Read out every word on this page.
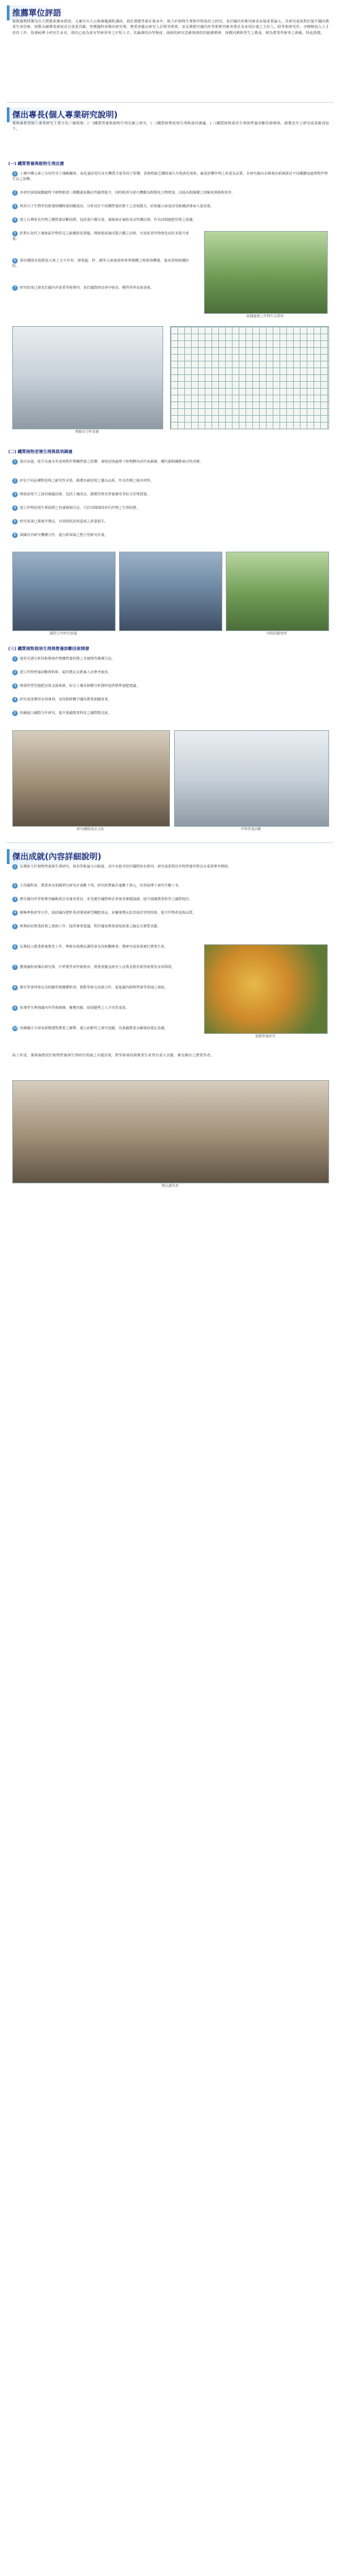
推薦單位評語
我與森教授係為台大農藝系傳承教授，又兼任台大公衛專題課程講座。我於農藝學系任教多年，致力於植物生理與作物栽培之研究，並於國內外期刊發表多篇重要論文。其研究成果對於提升國內農業生產技術、推動永續農業發展具有重要貢獻。曾獲國科會傑出研究獎、農委會優良研究人員獎等殊榮，並長期擔任國內外學術期刊審查委員及多項計畫之主持人。除學術研究外，亦積極投入人才培育工作，指導碩博士研究生多名，現均已成為產官學研各界之中堅人才。其嚴謹的治學態度、創新的研究思維與熱忱的服務精神，深獲同儕與學生之敬重，實為農業學術界之典範，特此推薦。
傑出專長(個人專業研究說明)
係與森教授個人專業研究主要分為三個領域：(一)鐵質營養與植物生理反應之研究，(二)鐵質植物逆境生理與栽培調適，(三)鐵質植物栽培生理與營養診斷技術開發。謹將近年之研究成果簡述如下。
(一) 鐵質營養與植物生理反應
1 土壤中鐵元素之有效性受土壤酸鹼值、氧化還原電位及有機質含量等因子影響，當植物缺乏鐵時葉片出現黃化現象，嚴重影響作物之產量及品質。本研究藉由水耕栽培系統探討不同鐵濃度處理對作物生長之影響。
2 本研究發現缺鐵處理下植物根部三價鐵還原酶活性顯著提升，同時根部分泌有機酸及酚類化合物增加，以提高根圈鐵之溶解度與吸收效率。
3 利用分子生物學技術選殖鐵吸收相關基因，分析其於不同鐵營養狀態下之表現模式，結果顯示該基因受缺鐵誘導而大量表現。
4 建立台灣常見作物之鐵營養診斷指標，包括葉片鐵含量、葉綠素計讀值及活性鐵比例，作為田間施肥管理之依據。
5 針對石灰性土壤地區作物常見之缺鐵黃化問題，開發葉面施用螯合鐵之技術，有效改善作物黃化症狀並提升產量。
缺鐵處理之作物生長情形
6 探討鐵與其他微量元素之交互作用，發現錳、鋅、銅等元素過量時會抑制鐵之吸收與轉運，進而誘發缺鐵症狀。
7 研究結果已發表於國內外重要學術期刊，並於國際研討會中發表，獲得學界高度重視。
實驗室分析設備
(二) 鐵質植物逆境生理與栽培調適
1 探討高溫、乾旱及淹水等逆境對作物鐵營養之影響，發現逆境處理下植物體內活性氧累積，鐵代謝相關酵素活性改變。
2 評估不同品種對逆境之耐受性差異，篩選出耐逆境之優良品系，作為育種之親本材料。
3 開發逆境下之栽培調適技術，包括土壤改良、灌溉管理及營養補充等綜合管理措施。
4 建立作物逆境生理指標之快速檢測方法，可於田間即時評估作物之生理狀態。
5 研究成果已推廣至農民，有效降低逆境造成之產量損失。
6 與國內外研究機構合作，進行跨領域之整合型研究計畫。
國際合作研究會議	田間試驗情形
(三) 鐵質植物栽培生理與營養診斷技術開發
1 運用光譜分析技術開發作物鐵營養狀態之非破壞性檢測方法。
2 建立作物營養診斷資料庫，提供農民及推廣人員參考使用。
3 開發智慧型施肥決策支援系統，結合土壤及植體分析資料提供精準施肥建議。
4 研究成果獲得多項專利，並技術移轉予國內農業相關產業。
5 持續進行國際合作研究，提升我國農業科技之國際能見度。
研究團隊成員合影	作物營養診斷
傑出成就(內容詳細說明)
1 長期致力於植物營養與生理研究，發表學術論文百餘篇，其中多篇刊登於國際知名期刊，研究成果對於作物營養管理具有重要參考價值。
2 主持國科會、農委會及相關單位研究計畫數十項，研究經費累計逾數千萬元，培育碩博士研究生數十名。
3 擔任國內外學術期刊編輯委員及審查委員，並受邀至國際研討會發表專題演講，提升我國農業科學之國際地位。
4 積極參與產學合作，協助國內肥料業者開發新型鐵肥產品，並輔導農民改善栽培管理技術，提升作物產量與品質。
5 參與政府農業政策之諮詢工作，提供專業建議，對於國家農業發展政策之擬定有實質貢獻。
果樹營養研究
6 長期投入農業推廣教育工作，舉辦多場農民講習會及技術觀摩會，將研究成果落實於農業生產。
7 獲頒國科會傑出研究獎、中華農學會學術獎章、農委會優良研究人員獎及教育部學術獎等多項殊榮。
8 擔任學會理事長及相關學術團體幹部，推動學術交流與合作，促進國內植物營養學領域之發展。
9 指導學生參與國內外學術競賽，屢獲佳績，展現優秀之人才培育成果。
10 持續關注全球氣候變遷對農業之衝擊，進行前瞻性之研究規劃，為我國農業永續發展奠定基礎。
綜上所述，係與森教授於植物營養與生理研究領域之卓越表現，對學術發展與農業生產皆有重大貢獻，實為傑出之農業學者。
農民講習會
